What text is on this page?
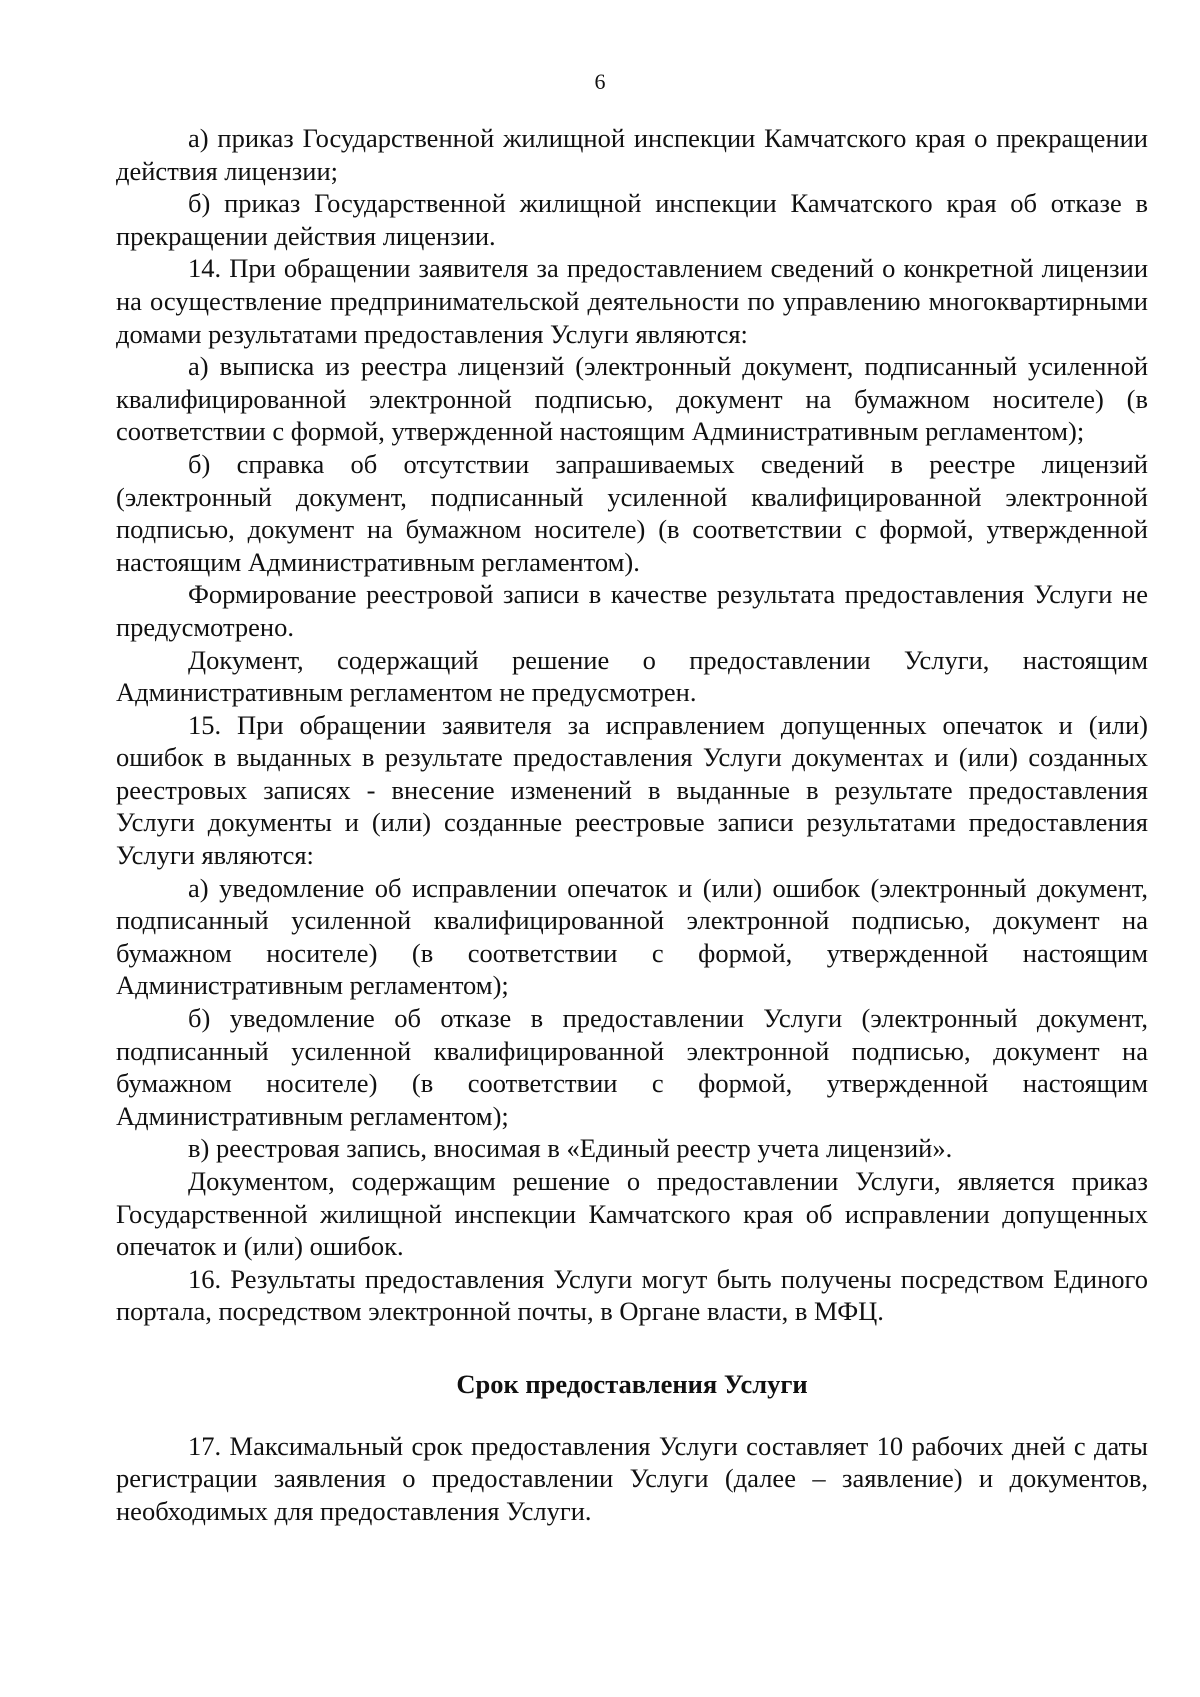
6

а) приказ Государственной жилищной инспекции Камчатского края о прекращении действия лицензии;

б) приказ Государственной жилищной инспекции Камчатского края об отказе в прекращении действия лицензии.

14. При обращении заявителя за предоставлением сведений о конкретной лицензии на осуществление предпринимательской деятельности по управлению многоквартирными домами результатами предоставления Услуги являются:

а) выписка из реестра лицензий (электронный документ, подписанный усиленной квалифицированной электронной подписью, документ на бумажном носителе) (в соответствии с формой, утвержденной настоящим Административным регламентом);

б) справка об отсутствии запрашиваемых сведений в реестре лицензий (электронный документ, подписанный усиленной квалифицированной электронной подписью, документ на бумажном носителе) (в соответствии с формой, утвержденной настоящим Административным регламентом).

Формирование реестровой записи в качестве результата предоставления Услуги не предусмотрено.

Документ, содержащий решение о предоставлении Услуги, настоящим Административным регламентом не предусмотрен.

15. При обращении заявителя за исправлением допущенных опечаток и (или) ошибок в выданных в результате предоставления Услуги документах и (или) созданных реестровых записях - внесение изменений в выданные в результате предоставления Услуги документы и (или) созданные реестровые записи результатами предоставления Услуги являются:

а) уведомление об исправлении опечаток и (или) ошибок (электронный документ, подписанный усиленной квалифицированной электронной подписью, документ на бумажном носителе) (в соответствии с формой, утвержденной настоящим Административным регламентом);

б) уведомление об отказе в предоставлении Услуги (электронный документ, подписанный усиленной квалифицированной электронной подписью, документ на бумажном носителе) (в соответствии с формой, утвержденной настоящим Административным регламентом);

в) реестровая запись, вносимая в «Единый реестр учета лицензий».

Документом, содержащим решение о предоставлении Услуги, является приказ Государственной жилищной инспекции Камчатского края об исправлении допущенных опечаток и (или) ошибок.

16. Результаты предоставления Услуги могут быть получены посредством Единого портала, посредством электронной почты, в Органе власти, в МФЦ.

Срок предоставления Услуги

17. Максимальный срок предоставления Услуги составляет 10 рабочих дней с даты регистрации заявления о предоставлении Услуги (далее – заявление) и документов, необходимых для предоставления Услуги.
